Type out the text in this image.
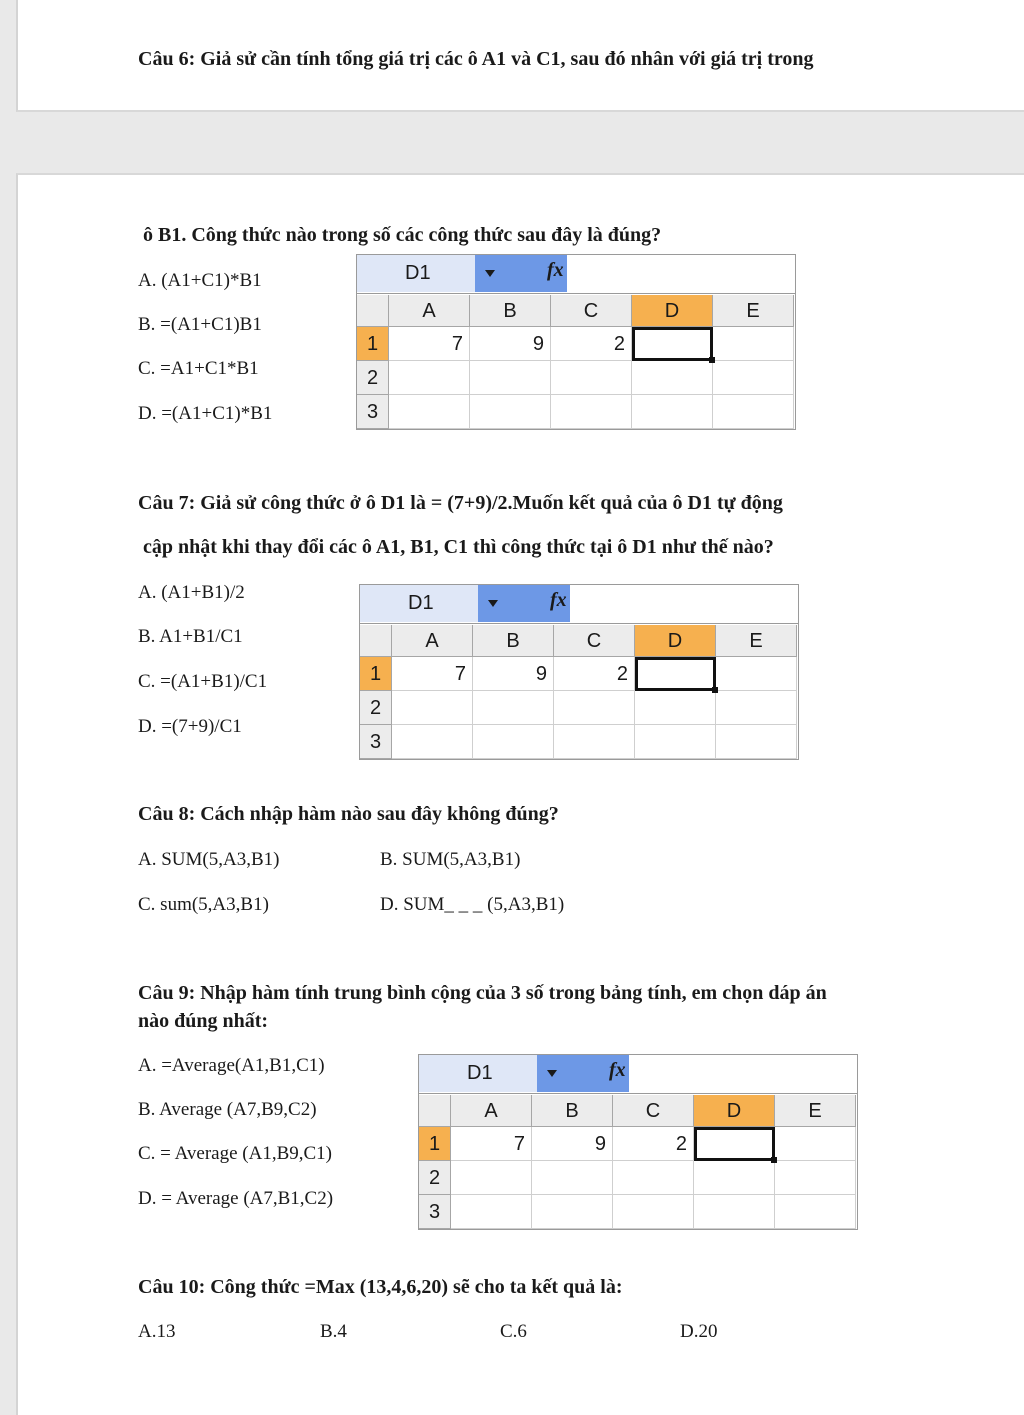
Câu 6: Giả sử cần tính tổng giá trị các ô A1 và C1, sau đó nhân với giá trị trong
ô B1. Công thức nào trong số các công thức sau đây là đúng?
A. (A1+C1)*B1
B. =(A1+C1)B1
C. =A1+C1*B1
D. =(A1+C1)*B1
D1	fx
A	B	C	D	E
1	7	9	2
2
3
Câu 7: Giả sử công thức ở ô D1 là = (7+9)/2.Muốn kết quả của ô D1 tự động
cập nhật khi thay đổi các ô A1, B1, C1 thì công thức tại ô D1 như thế nào?
A. (A1+B1)/2
B. A1+B1/C1
C. =(A1+B1)/C1
D. =(7+9)/C1
D1	fx
A	B	C	D	E
1	7	9	2
2
3
Câu 8: Cách nhập hàm nào sau đây không đúng?
A. SUM(5,A3,B1)	B. SUM(5,A3,B1)
C. sum(5,A3,B1)	D. SUM_ _ _ (5,A3,B1)
Câu 9: Nhập hàm tính trung bình cộng của 3 số trong bảng tính, em chọn dáp án
nào đúng nhất:
A. =Average(A1,B1,C1)
B. Average (A7,B9,C2)
C. = Average (A1,B9,C1)
D. = Average (A7,B1,C2)
D1	fx
A	B	C	D	E
1	7	9	2
2
3
Câu 10: Công thức =Max (13,4,6,20) sẽ cho ta kết quả là:
A.13	B.4	C.6	D.20
